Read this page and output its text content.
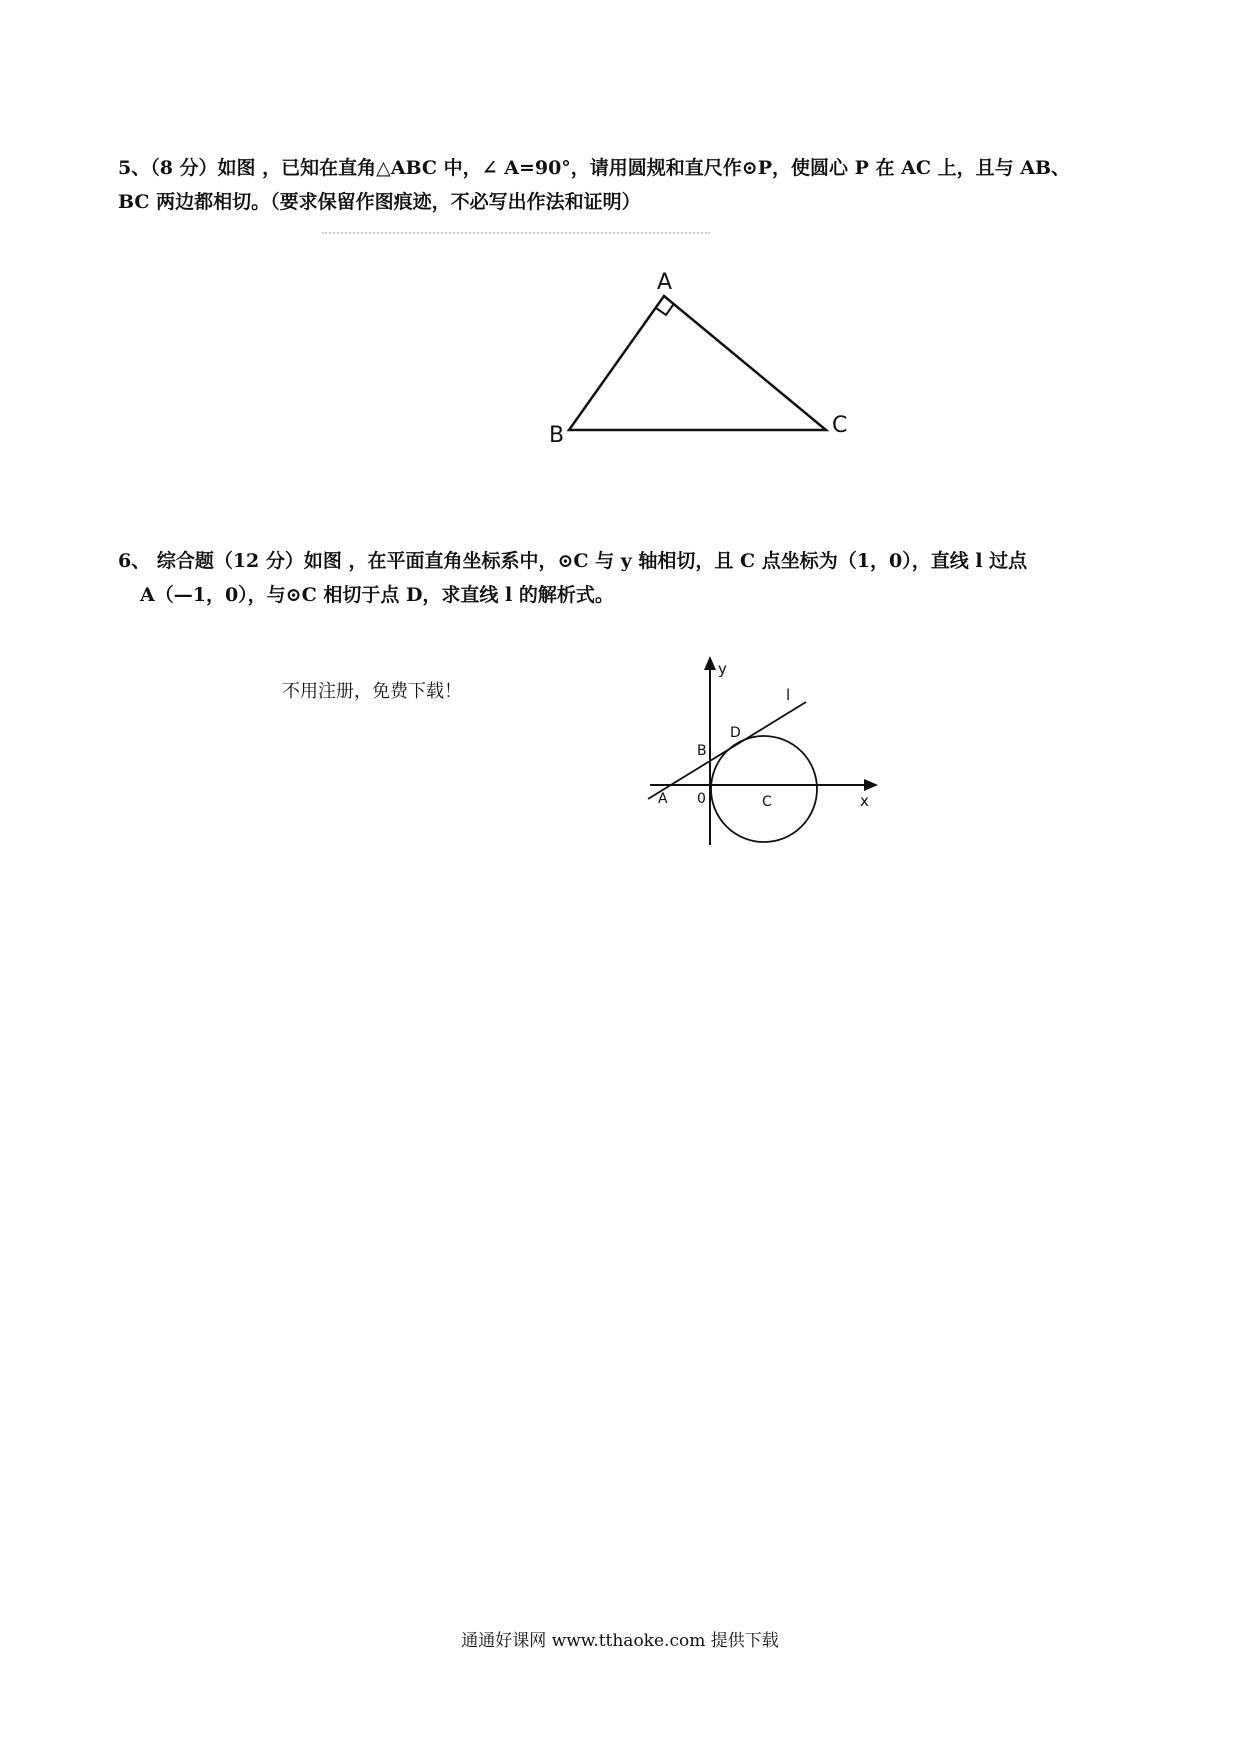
5、（8 分）如图 ，已知在直角△ABC 中，∠ A=90°，请用圆规和直尺作⊙P，使圆心 P 在 AC 上，且与 AB、
BC 两边都相切。（要求保留作图痕迹，不必写出作法和证明）
A
B	C
6、 综合题（12 分）如图 ，在平面直角坐标系中，⊙C 与 y 轴相切，且 C 点坐标为（1，0），直线 l 过点
A（—1，0），与⊙C 相切于点 D，求直线 l 的解析式。
不用注册，免费下载！
y
x
l
D
B
A 0	C
通通好课网 www.tthaoke.com 提供下载
